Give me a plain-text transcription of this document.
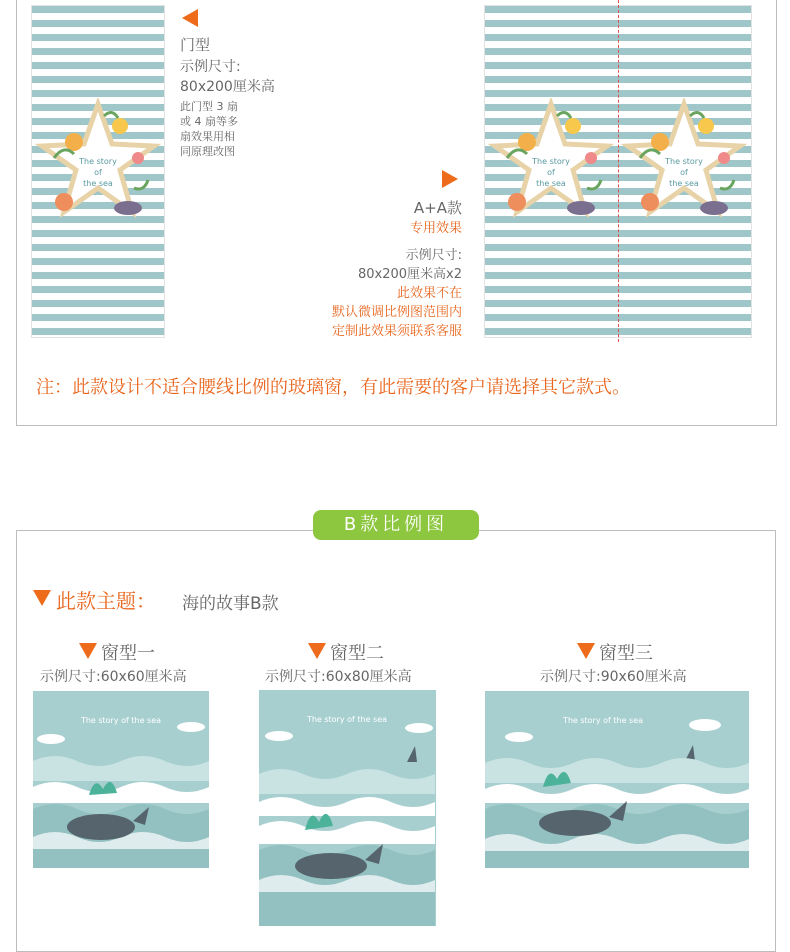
The story
of
the sea
门型
示例尺寸:
80x200厘米高
此门型 3 扇
或 4 扇等多
扇效果用相
同原理改图
A+A款
专用效果
示例尺寸:
80x200厘米高x2
此效果不在
默认微调比例图范围内
定制此效果须联系客服
The story
of
the sea
The story
of
the sea
注：此款设计不适合腰线比例的玻璃窗，有此需要的客户请选择其它款式。
B款比例图
此款主题： 海的故事B款
窗型一
示例尺寸:60x60厘米高
窗型二
示例尺寸:60x80厘米高
窗型三
示例尺寸:90x60厘米高
The story of the sea	The story of the sea	The story of the sea
